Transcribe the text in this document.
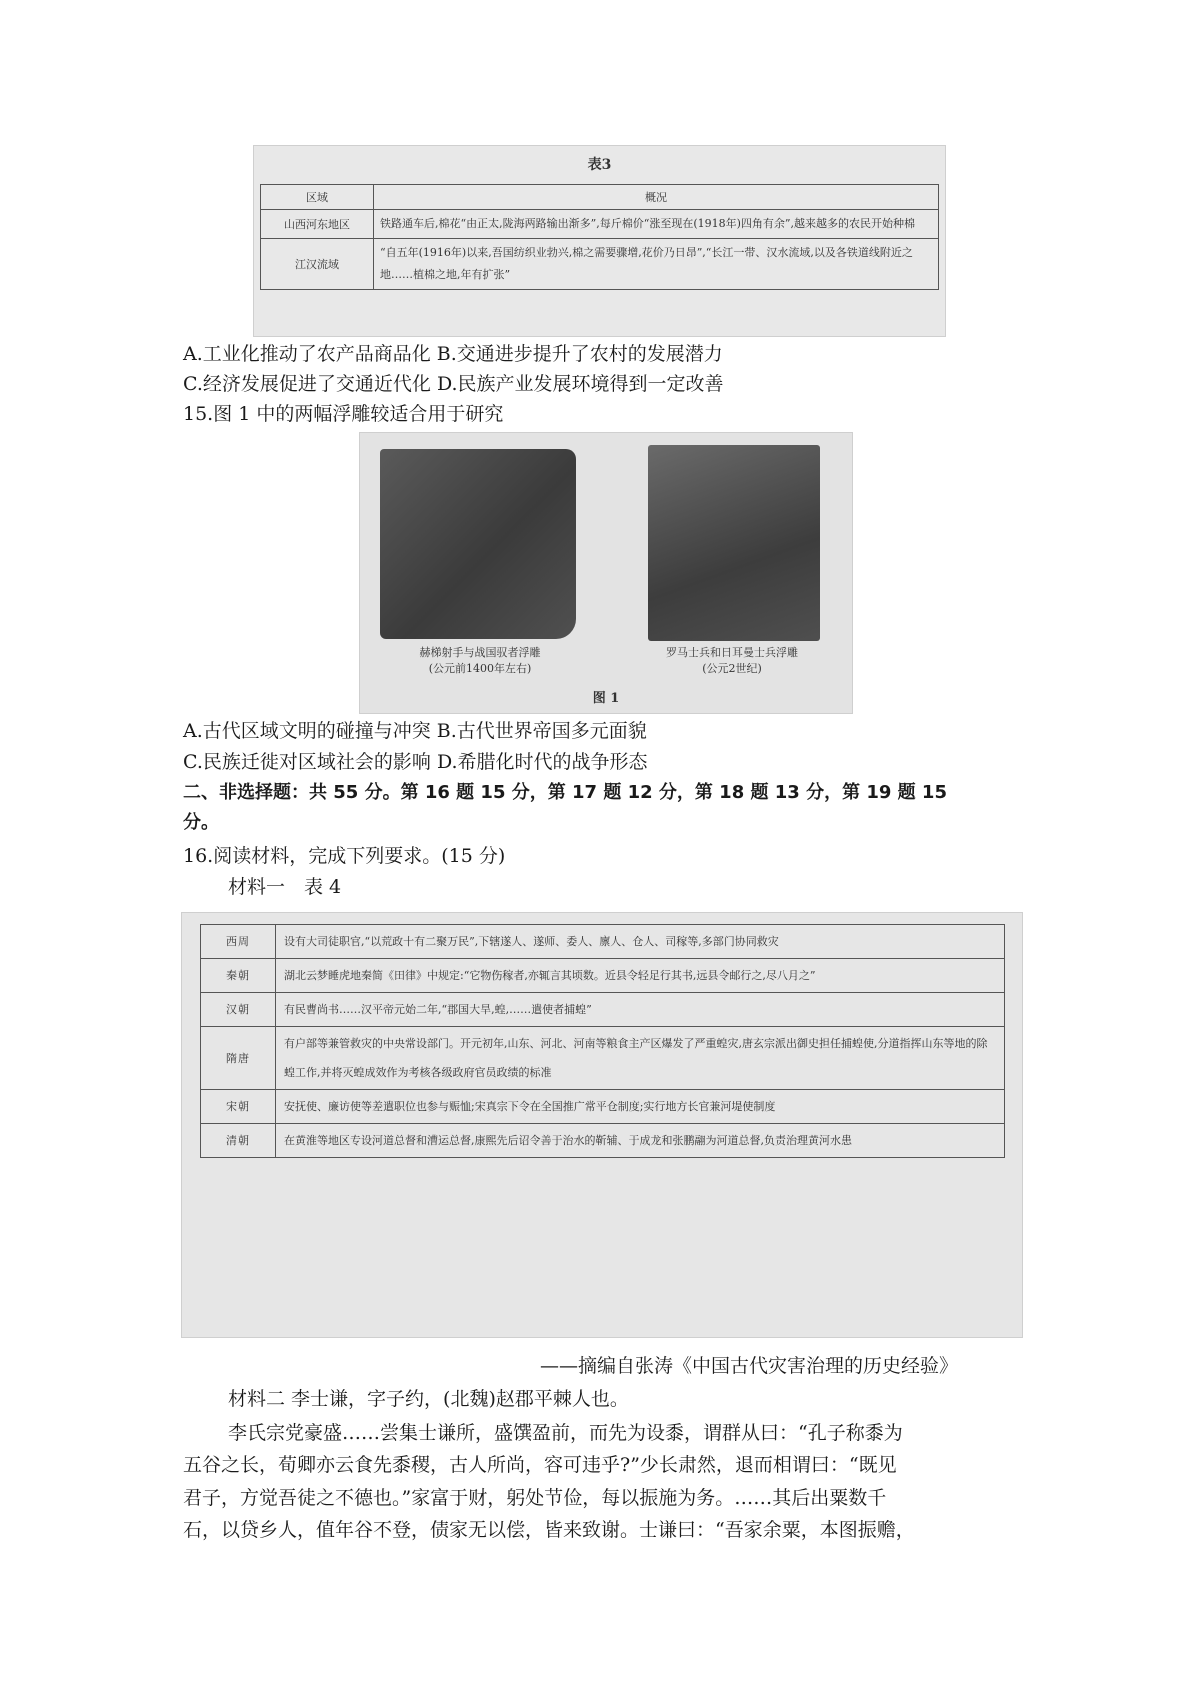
表3
区域	概况
山西河东地区	铁路通车后,棉花“由正太,陇海两路输出渐多”,每斤棉价“涨至现在(1918年)四角有余”,越来越多的农民开始种棉
江汉流域	“自五年(1916年)以来,吾国纺织业勃兴,棉之需要骤增,花价乃日昂”,“长江一带、汉水流域,以及各铁道线附近之地……植棉之地,年有扩张”
A.工业化推动了农产品商品化 B.交通进步提升了农村的发展潜力
C.经济发展促进了交通近代化 D.民族产业发展环境得到一定改善
15.图 1 中的两幅浮雕较适合用于研究
赫梯射手与战国驭者浮雕
(公元前1400年左右)
罗马士兵和日耳曼士兵浮雕
(公元2世纪)
图 1
A.古代区域文明的碰撞与冲突 B.古代世界帝国多元面貌
C.民族迁徙对区域社会的影响 D.希腊化时代的战争形态
二、非选择题：共 55 分。第 16 题 15 分，第 17 题 12 分，第 18 题 13 分，第 19 题 15
分。
16.阅读材料，完成下列要求。(15 分)
材料一　表 4
西周	设有大司徒职官,“以荒政十有二聚万民”,下辖遂人、遂师、委人、廪人、仓人、司稼等,多部门协同救灾
秦朝	湖北云梦睡虎地秦简《田律》中规定:“它物伤稼者,亦辄言其顷数。近县令轻足行其书,远县令邮行之,尽八月之”
汉朝	有民曹尚书……汉平帝元始二年,“郡国大旱,蝗,……遣使者捕蝗”
隋唐	有户部等兼管救灾的中央常设部门。开元初年,山东、河北、河南等粮食主产区爆发了严重蝗灾,唐玄宗派出御史担任捕蝗使,分道指挥山东等地的除蝗工作,并将灭蝗成效作为考核各级政府官员政绩的标准
宋朝	安抚使、廉访使等差遣职位也参与赈恤;宋真宗下令在全国推广常平仓制度;实行地方长官兼河堤使制度
清朝	在黄淮等地区专设河道总督和漕运总督,康熙先后诏令善于治水的靳辅、于成龙和张鹏翮为河道总督,负责治理黄河水患
——摘编自张涛《中国古代灾害治理的历史经验》
材料二 李士谦，字子约，(北魏)赵郡平棘人也。
李氏宗党豪盛……尝集士谦所，盛馔盈前，而先为设黍，谓群从曰：“孔子称黍为
五谷之长，荀卿亦云食先黍稷，古人所尚，容可违乎?”少长肃然，退而相谓曰：“既见
君子，方觉吾徒之不德也。”家富于财，躬处节俭，每以振施为务。……其后出粟数千
石，以贷乡人，值年谷不登，债家无以偿，皆来致谢。士谦曰：“吾家余粟，本图振赡，
